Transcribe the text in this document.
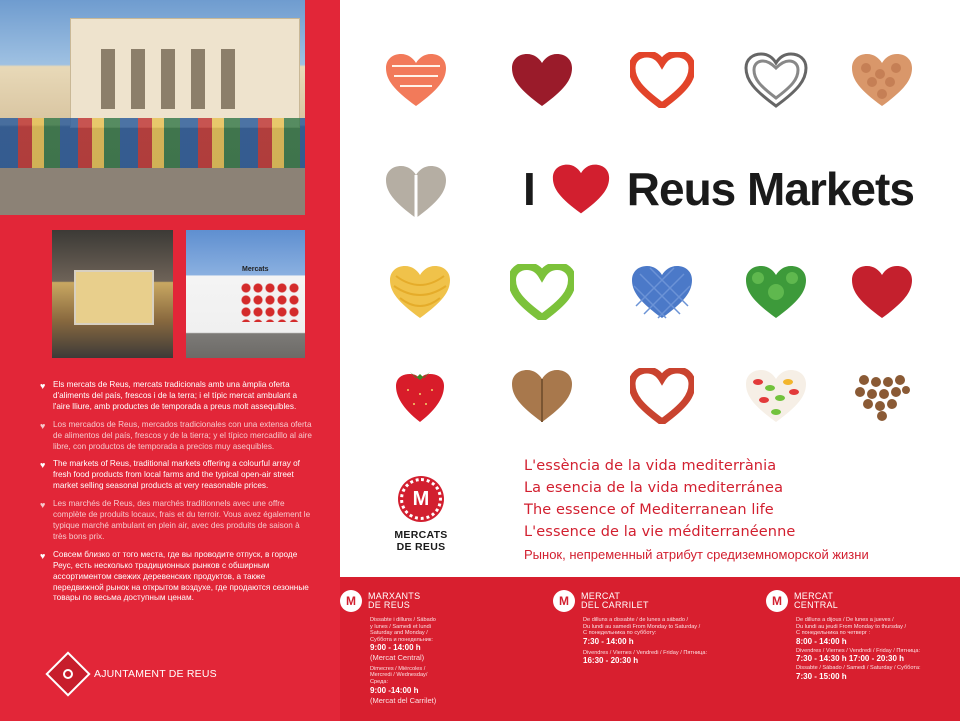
Mercats
♥ Els mercats de Reus, mercats tradicionals amb una àmplia oferta d'aliments del país, frescos i de la terra; i el típic mercat ambulant a l'aire lliure, amb productes de temporada a preus molt assequibles.
♥ Los mercados de Reus, mercados tradicionales con una extensa oferta de alimentos del país, frescos y de la tierra; y el típico mercadillo al aire libre, con productos de temporada a precios muy asequibles.
♥ The markets of Reus, traditional markets offering a colourful array of fresh food products from local farms and the typical open-air street market selling seasonal products at very reasonable prices.
♥ Les marchés de Reus, des marchés traditionnels avec une offre complète de produits locaux, frais et du terroir. Vous avez également le typique marché ambulant en plein air, avec des produits de saison à très bons prix.
♥ Совсем близко от того места, где вы проводите отпуск, в городе Реус, есть несколько традиционных рынков с обширным ассортиментом свежих деревенских продуктов, а также передвижной рынок на открытом воздухе, где продаются сезонные товары по весьма доступным ценам.
AJUNTAMENT DE REUS
I Reus Markets
M
MERCATS
DE REUS
L'essència de la vida mediterrània
La esencia de la vida mediterránea
The essence of Mediterranean life
L'essence de la vie méditerranéenne
Рынок, непременный атрибут средиземноморской жизни
M	MARXANTS
DE REUS
Dissabte i dilluns / Sábado
y lunes / Samedi et lundi
Saturday and Monday /
Суббота и понедельник:
9:00 - 14:00 h
(Mercat Central)
Dimecres / Miércoles /
Mercredi / Wednesday/
Среда:
9:00 -14:00 h
(Mercat del Carrilet)
M	MERCAT
DEL CARRILET
De dilluns a dissabte / de lunes a sábado /
Du lundi au samedi From Monday to Saturday /
С понедельника по субботу:
7:30 - 14:00 h
Divendres / Viernes / Vendredi / Friday / Пятница:
16:30 - 20:30 h
M	MERCAT
CENTRAL
De dilluns a dijous / De lunes a jueves /
Du lundi au jeudi From Monday to thursday /
С понедельника по четверг :
8:00 - 14:00 h
Divendres / Viernes / Vendredi / Friday / Пятница:
7:30 - 14:30 h 17:00 - 20:30 h
Dissabte / Sábado / Samedi / Saturday / Суббота:
7:30 - 15:00 h
